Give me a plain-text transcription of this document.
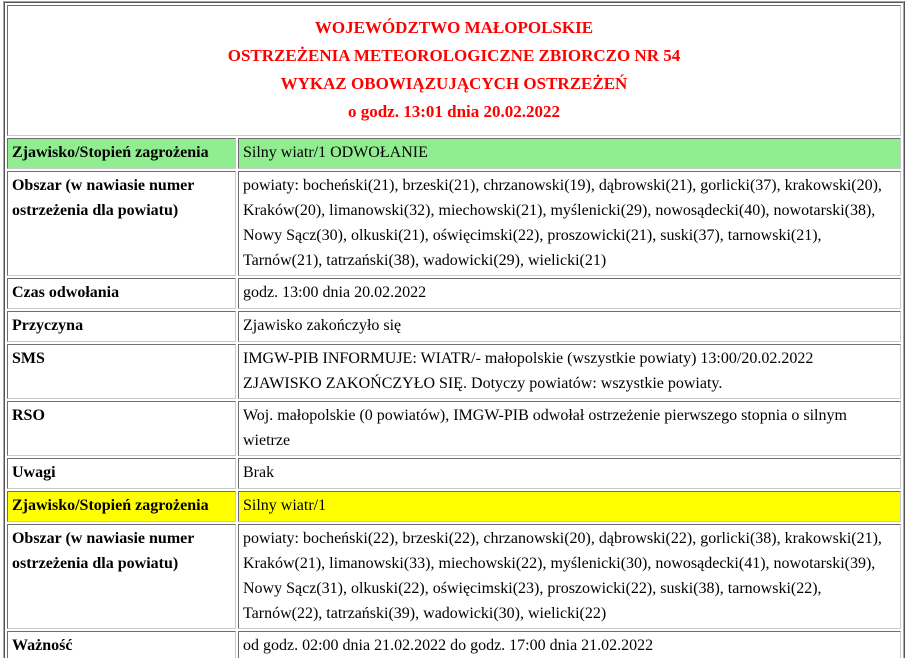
WOJEWÓDZTWO MAŁOPOLSKIE
OSTRZEŻENIA METEOROLOGICZNE ZBIORCZO NR 54
WYKAZ OBOWIĄZUJĄCYCH OSTRZEŻEŃ
o godz. 13:01 dnia 20.02.2022	

Zjawisko/Stopień zagrożenia	Silny wiatr/1 ODWOŁANIE
Obszar (w nawiasie numer ostrzeżenia dla powiatu)	powiaty: bocheński(21), brzeski(21), chrzanowski(19), dąbrowski(21), gorlicki(37), krakowski(20), Kraków(20), limanowski(32), miechowski(21), myślenicki(29), nowosądecki(40), nowotarski(38), Nowy Sącz(30), olkuski(21), oświęcimski(22), proszowicki(21), suski(37), tarnowski(21), Tarnów(21), tatrzański(38), wadowicki(29), wielicki(21)
Czas odwołania	godz. 13:00 dnia 20.02.2022
Przyczyna	Zjawisko zakończyło się
SMS	IMGW-PIB INFORMUJE: WIATR/- małopolskie (wszystkie powiaty) 13:00/20.02.2022 ZJAWISKO ZAKOŃCZYŁO SIĘ. Dotyczy powiatów: wszystkie powiaty.
RSO	Woj. małopolskie (0 powiatów), IMGW-PIB odwołał ostrzeżenie pierwszego stopnia o silnym wietrze
Uwagi	Brak
Zjawisko/Stopień zagrożenia	Silny wiatr/1
Obszar (w nawiasie numer ostrzeżenia dla powiatu)	powiaty: bocheński(22), brzeski(22), chrzanowski(20), dąbrowski(22), gorlicki(38), krakowski(21), Kraków(21), limanowski(33), miechowski(22), myślenicki(30), nowosądecki(41), nowotarski(39), Nowy Sącz(31), olkuski(22), oświęcimski(23), proszowicki(22), suski(38), tarnowski(22), Tarnów(22), tatrzański(39), wadowicki(30), wielicki(22)
Ważność	od godz. 02:00 dnia 21.02.2022 do godz. 17:00 dnia 21.02.2022
